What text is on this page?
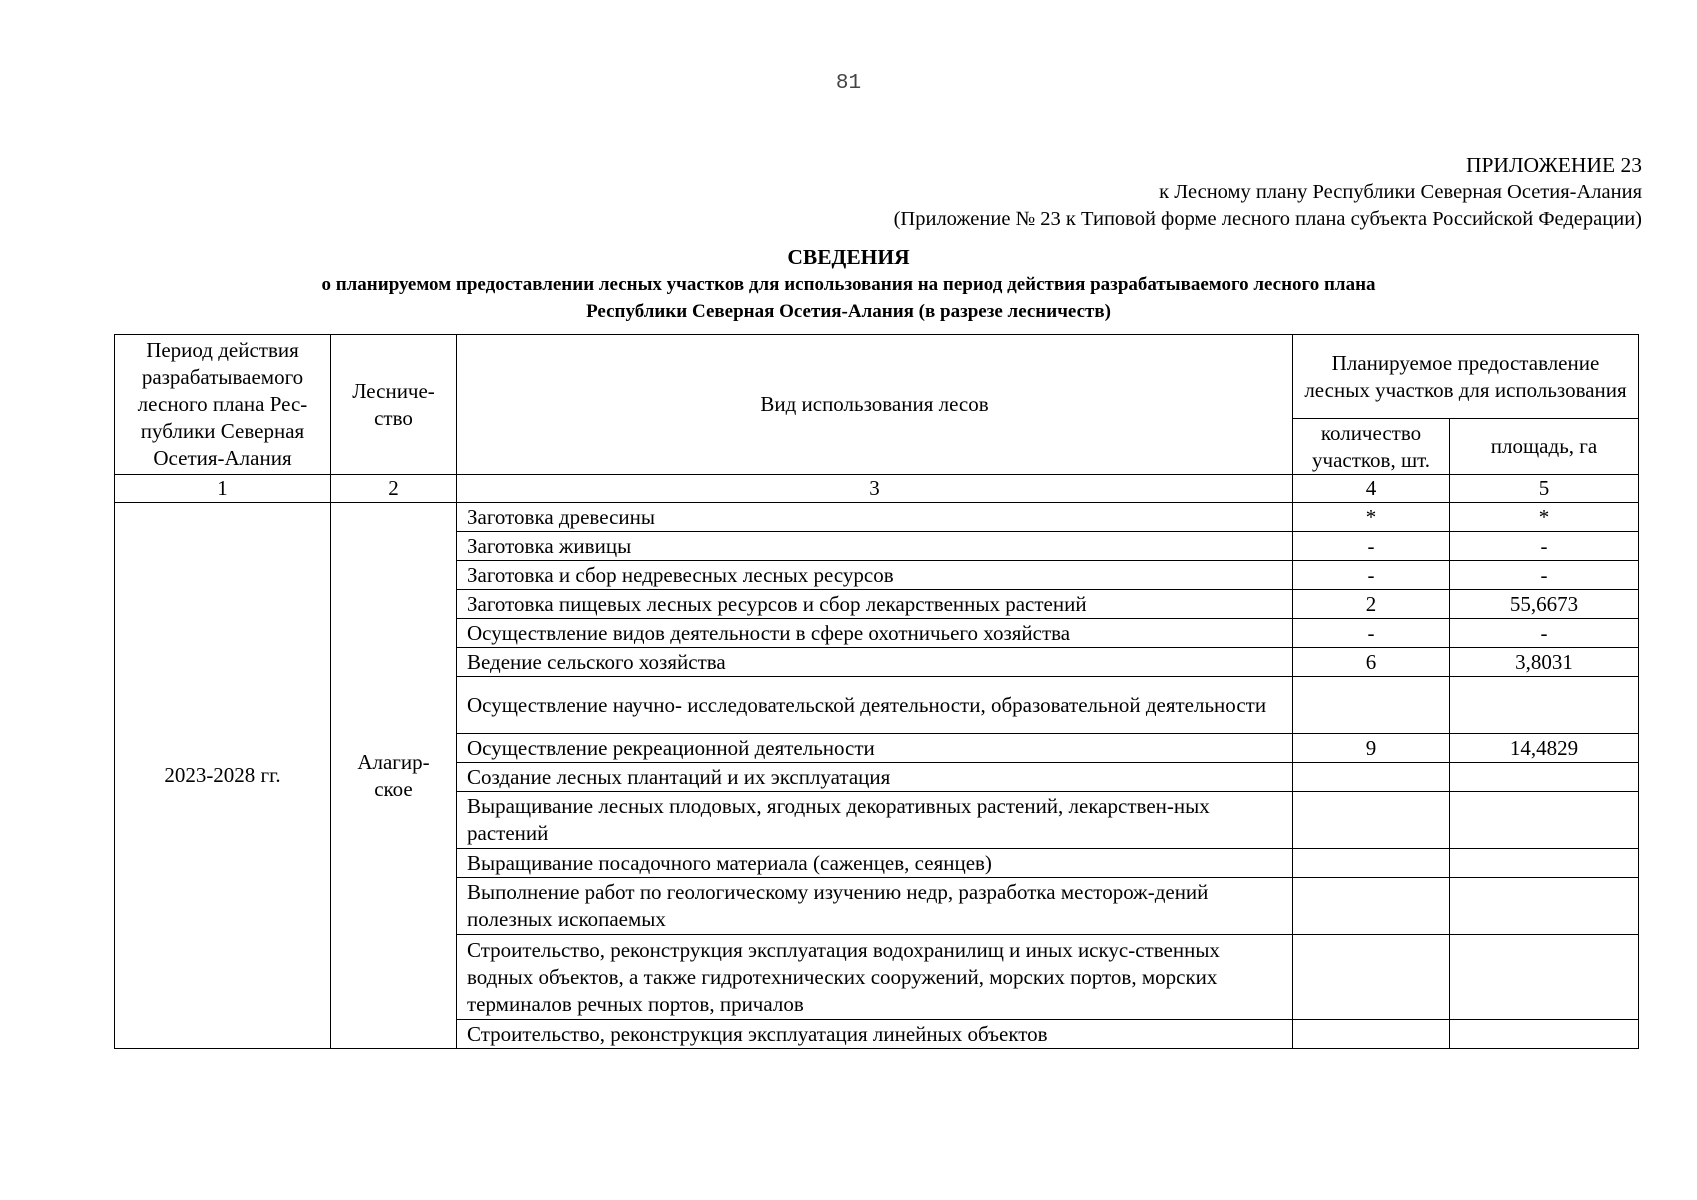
81
ПРИЛОЖЕНИЕ 23
к Лесному плану Республики Северная Осетия-Алания
(Приложение № 23 к Типовой форме лесного плана субъекта Российской Федерации)
СВЕДЕНИЯ
о планируемом предоставлении лесных участков для использования на период действия разрабатываемого лесного плана
Республики Северная Осетия-Алания (в разрезе лесничеств)
Период действия разрабатываемого лесного плана Рес-публики Северная Осетия-Алания	Лесниче-ство	Вид использования лесов	Планируемое предоставление лесных участков для использования	
			количество участков, шт.	площадь, га
1	2	3	4	5
2023-2028 гг.	Алагир-ское	Заготовка древесины	*	*
		Заготовка живицы	-	-
		Заготовка и сбор недревесных лесных ресурсов	-	-
		Заготовка пищевых лесных ресурсов и сбор лекарственных растений	2	55,6673
		Осуществление видов деятельности в сфере охотничьего хозяйства	-	-
		Ведение сельского хозяйства	6	3,8031
		Осуществление научно- исследовательской деятельности, образовательной деятельности		
		Осуществление рекреационной деятельности	9	14,4829
		Создание лесных плантаций и их эксплуатация		
		Выращивание лесных плодовых, ягодных декоративных растений, лекарствен-ных растений		
		Выращивание посадочного материала (саженцев, сеянцев)		
		Выполнение работ по геологическому изучению недр, разработка месторож-дений полезных ископаемых		
		Строительство, реконструкция эксплуатация водохранилищ и иных искус-ственных водных объектов, а также гидротехнических сооружений, морских портов, морских терминалов речных портов, причалов		
		Строительство, реконструкция эксплуатация линейных объектов		
